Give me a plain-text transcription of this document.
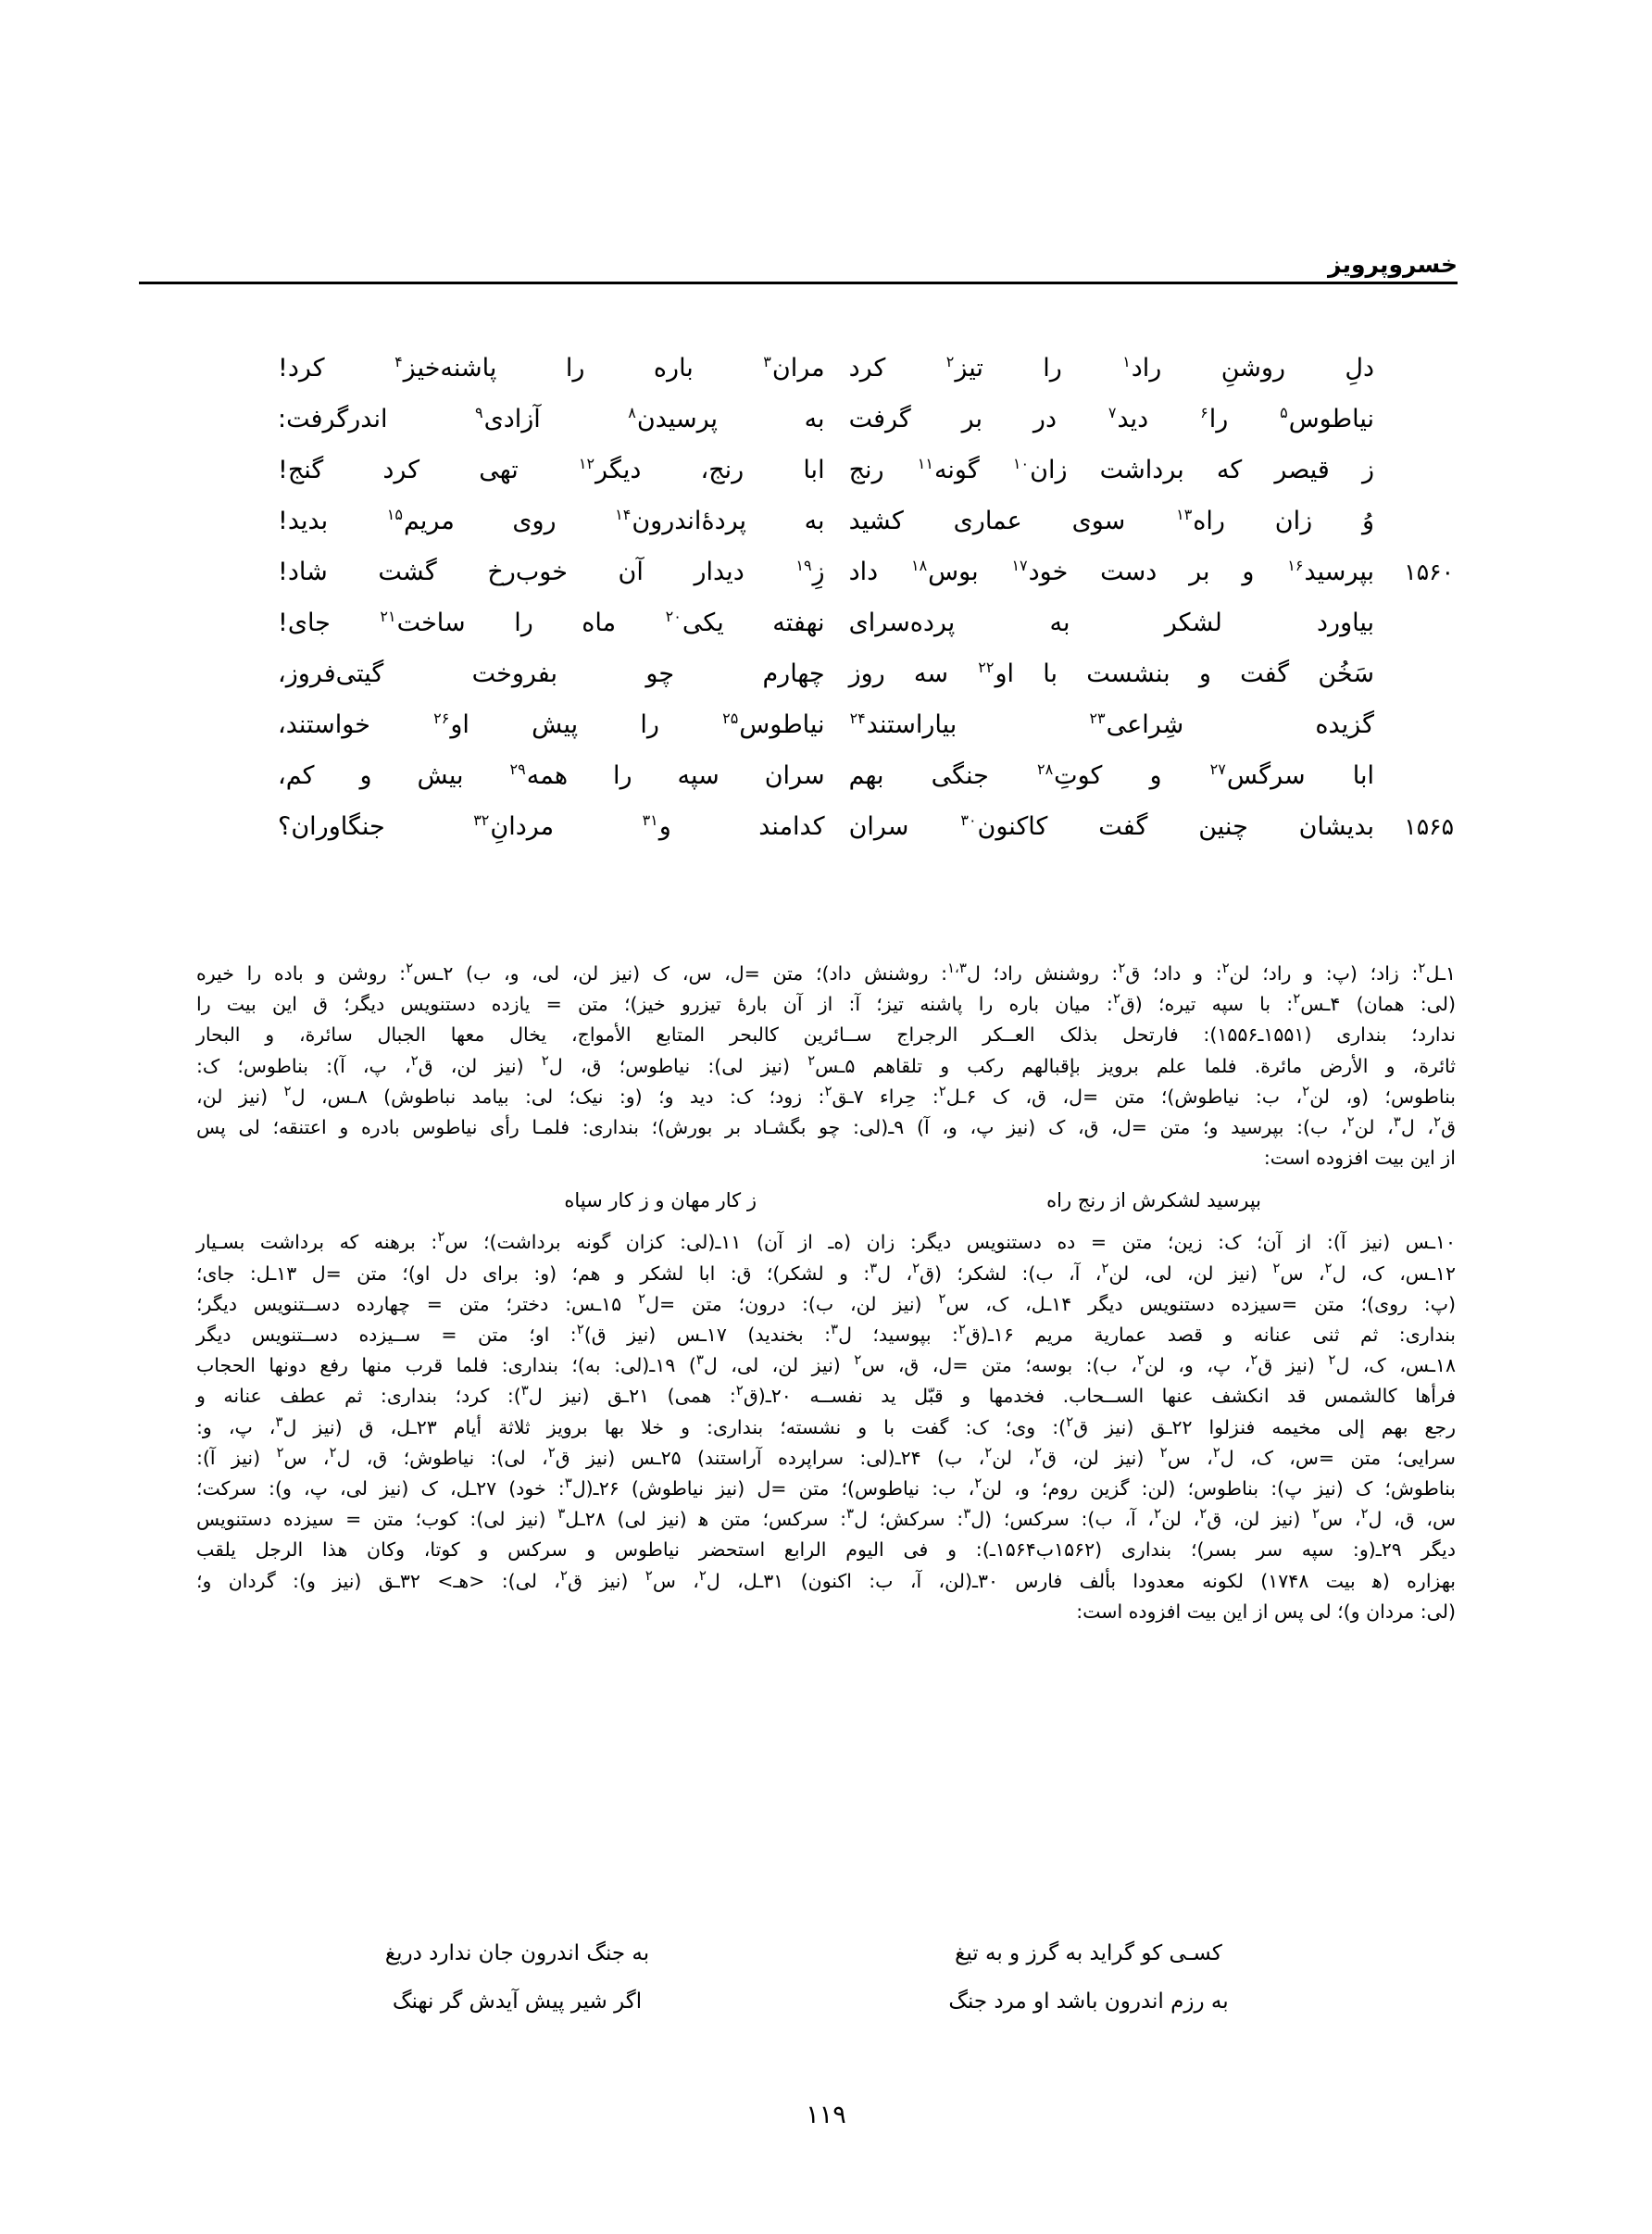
خسروپرویز
دلِ روشنِ راد$^۱$ را تیز$^۲$ کرد
مران$^۳$ باره را پاشنه‌خیز$^۴$ کرد!
نیاطوس$^۵$ را$^۶$ دید$^۷$ در بر گرفت
به پرسیدن$^۸$ آزادی$^۹$ اندرگرفت:
ز قیصر که برداشت زان$^{۱۰}$ گونه$^{۱۱}$ رنج
ابا رنج، دیگر$^{۱۲}$ تهی کرد گنج!
وُ زان راه$^{۱۳}$ سوی عماری کشید
به پردهٔ‌اندرون$^{۱۴}$ روی مریم$^{۱۵}$ بدید!
۱۵۶۰
بپرسید$^{۱۶}$ و بر دست خود$^{۱۷}$ بوس$^{۱۸}$ داد
زِ$^{۱۹}$ دیدار آن خوب‌رخ گشت شاد!
بیاورد لشکر به پرده‌سرای
نهفته یکی$^{۲۰}$ ماه را ساخت$^{۲۱}$ جای!
سَخُن گفت و بنشست با او$^{۲۲}$ سه روز
چهارم چو بفروخت گیتی‌فروز،
گزیده شِراعی$^{۲۳}$ بیاراستند$^{۲۴}$
نیاطوس$^{۲۵}$ را پیش او$^{۲۶}$ خواستند،
ابا سرگس$^{۲۷}$ و کوتِ$^{۲۸}$ جنگی بهم
سران سپه را همه$^{۲۹}$ بیش و کم،
۱۵۶۵
بدیشان چنین گفت کاکنون$^{۳۰}$ سران
کدامند و$^{۳۱}$ مردانِ$^{۳۲}$ جنگاوران؟
۱ـل$^۲$: زاد؛ (پ: و راد؛ لن$^۲$: و داد؛ ق$^۲$: روشنش راد؛ ل$^{۱،۳}$: روشنش داد)؛ متن =ل، س، ک (نیز لن، لی، و، ب) ۲ـس$^۲$: روشن و باده را خیره
(لی: همان) ۴ـس$^۲$: با سپه تیره؛ (ق$^۲$: میان باره را پاشنه تیز؛ آ: از آن بارهٔ تیزرو خیز)؛ متن = یازده دستنویس دیگر؛ ق این بیت را
ندارد؛ بنداری (۱۵۵۱ـ۱۵۵۶): فارتحل بذلک العــکر الرجراج ســائرین کالبحر المتابع الأمواج، یخال معها الجبال سائرة، و البحار
ثائرة، و الأرض مائرة. فلما علم برویز بإقبالهم رکب و تلقاهم ۵ـس$^۲$ (نیز لی): نیاطوس؛ ق، ل$^۲$ (نیز لن، ق$^۲$، پ، آ): بناطوس؛ ک:
بناطوس؛ (و، لن$^۲$، ب: نیاطوش)؛ متن =ل، ق، ک ۶ـل$^۲$: حِراء ۷ـق$^۲$: زود؛ ک: دید و؛ (و: نیک؛ لی: بیامد نباطوش) ۸ـس، ل$^۲$ (نیز لن،
ق$^۲$، ل$^۳$، لن$^۲$، ب): بپرسید و؛ متن =ل، ق، ک (نیز پ، و، آ) ۹ـ(لی: چو بگشـاد بر بورش)؛ بنداری: فلمـا رأی نیاطوس بادره و اعتنقه؛ لی پس
از این بیت افزوده است:
بپرسید لشکرش از رنج راه
ز کار مهان و ز کار سپاه
۱۰ـس (نیز آ): از آن؛ ک: زین؛ متن = ده دستنویس دیگر: زان (ه‌ـ از آن) ۱۱ـ(لی: کزان گونه برداشت)؛ س$^۲$: برهنه که برداشت بسـیار
۱۲ـس، ک، ل$^۲$، س$^۲$ (نیز لن، لی، لن$^۲$، آ، ب): لشکر؛ (ق$^۲$، ل$^۳$: و لشکر)؛ ق: ابا لشکر و هم؛ (و: برای دل او)؛ متن =ل ۱۳ـل: جای؛
(پ: روی)؛ متن =سیزده دستنویس دیگر ۱۴ـل، ک، س$^۲$ (نیز لن، ب): درون؛ متن =ل$^۲$ ۱۵ـس: دختر؛ متن = چهارده دســتنویس دیگر؛
بنداری: ثم ثنی عنانه و قصد عماریة مریم ۱۶ـ(ق$^۲$: بپوسید؛ ل$^۳$: بخندید) ۱۷ـس (نیز ق)$^۲$: او؛ متن = ســیزده دســتنویس دیگر
۱۸ـس، ک، ل$^۲$ (نیز ق$^۲$، پ، و، لن$^۲$، ب): بوسه؛ متن =ل، ق، س$^۲$ (نیز لن، لی، ل$^۳$) ۱۹ـ(لی: به)؛ بنداری: فلما قرب منها رفع دونها الحجاب
فرأها کالشمس قد انکشف عنها الســحاب. فخدمها و قبّل ید نفســه ۲۰ـ(ق$^۲$: همی) ۲۱ـق (نیز ل$^۳$): کرد؛ بنداری: ثم عطف عنانه و
رجع بهم إلی مخیمه فنزلوا ۲۲ـق (نیز ق$^۲$): وی؛ ک: گفت با و نشسته؛ بنداری: و خلا بها برویز ثلاثة أیام ۲۳ـل، ق (نیز ل$^۳$، پ، و:
سرایی؛ متن =س، ک، ل$^۲$، س$^۲$ (نیز لن، ق$^۲$، لن$^۲$، ب) ۲۴ـ(لی: سراپرده آراستند) ۲۵ـس (نیز ق$^۲$، لی): نیاطوش؛ ق، ل$^۲$، س$^۲$ (نیز آ):
بناطوش؛ ک (نیز پ): بناطوس؛ (لن: گزین روم؛ و، لن$^۲$، ب: نیاطوس)؛ متن =ل (نیز نیاطوش) ۲۶ـ(ل$^۳$: خود) ۲۷ـل، ک (نیز لی، پ، و): سرکت؛
س، ق، ل$^۲$، س$^۲$ (نیز لن، ق$^۲$، لن$^۲$، آ، ب): سرکس؛ (ل$^۳$: سرکش؛ ل$^۳$: سرکس؛ متن ﻫ (نیز لی) ۲۸ـل$^۳$ (نیز لی): کوب؛ متن = سیزده دستنویس
دیگر ۲۹ـ(و: سپه سر بسر)؛ بنداری (۱۵۶۲ب۱۵۶۴ـ): و فی الیوم الرابع استحضر نیاطوس و سرکس و کوتا، وکان هذا الرجل یلقب
بهزاره (ﻫ بیت ۱۷۴۸) لکونه معدودا بألف فارس ۳۰ـ(لن، آ، ب: اکنون) ۳۱ـل، ل$^۲$، س$^۲$ (نیز ق$^۲$، لی): <هـ> ۳۲ـق (نیز و): گردان و؛
(لی: مردان و)؛ لی پس از این بیت افزوده است:
کسـی کو گراید به گرز و به تیغ
به جنگ اندرون جان ندارد دریغ
به رزم اندرون باشد او مرد جنگ
اگر شیر پیش آیدش گر نهنگ
۱۱۹
